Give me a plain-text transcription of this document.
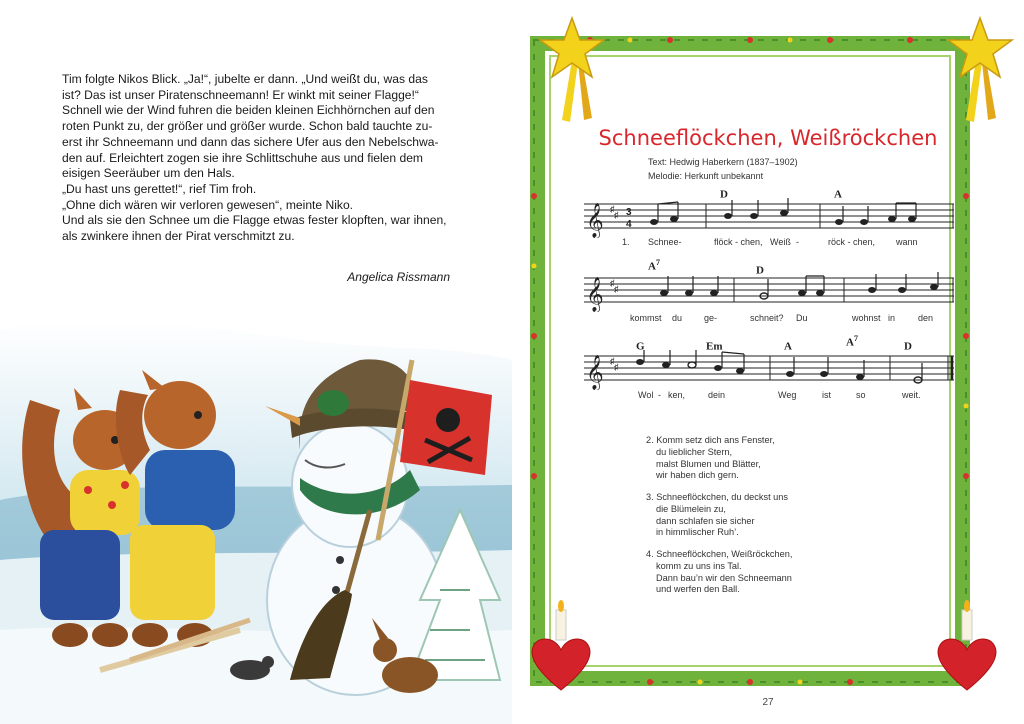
Tim folgte Nikos Blick. „Ja!“, jubelte er dann. „Und weißt du, was das
ist? Das ist unser Piratenschneemann! Er winkt mit seiner Flagge!“
Schnell wie der Wind fuhren die beiden kleinen Eichhörnchen auf den
roten Punkt zu, der größer und größer wurde. Schon bald tauchte zu-
erst ihr Schneemann und dann das sichere Ufer aus den Nebelschwa-
den auf. Erleichtert zogen sie ihre Schlittschuhe aus und fielen dem
eisigen Seeräuber um den Hals.
„Du hast uns gerettet!“, rief Tim froh.
„Ohne dich wären wir verloren gewesen“, meinte Niko.
Und als sie den Schnee um die Flagge etwas fester klopften, war ihnen,
als zwinkere ihnen der Pirat verschmitzt zu.
Angelica Rissmann
Schneeflöckchen, Weißröckchen
Text: Hedwig Haberkern (1837–1902)
Melodie: Herkunft unbekannt
D	A
𝄞 ♯
♯ 3
4
1. Schnee-	flöck - chen, Weiß -	röck - chen, wann
$A^7$
D
𝄞 ♯
♯
kommst du ge-	schneit? Du	wohnst in	den
G	Em	A	$A^7$
D
𝄞 ♯
♯
Wol - ken,	dein	Weg	ist	so	weit.
2. Komm setz dich ans Fenster,
du lieblicher Stern,
malst Blumen und Blätter,
wir haben dich gern.
3. Schneeflöckchen, du deckst uns
die Blümelein zu,
dann schlafen sie sicher
in himmlischer Ruh’.
4. Schneeflöckchen, Weißröckchen,
komm zu uns ins Tal.
Dann bau’n wir den Schneemann
und werfen den Ball.
27
